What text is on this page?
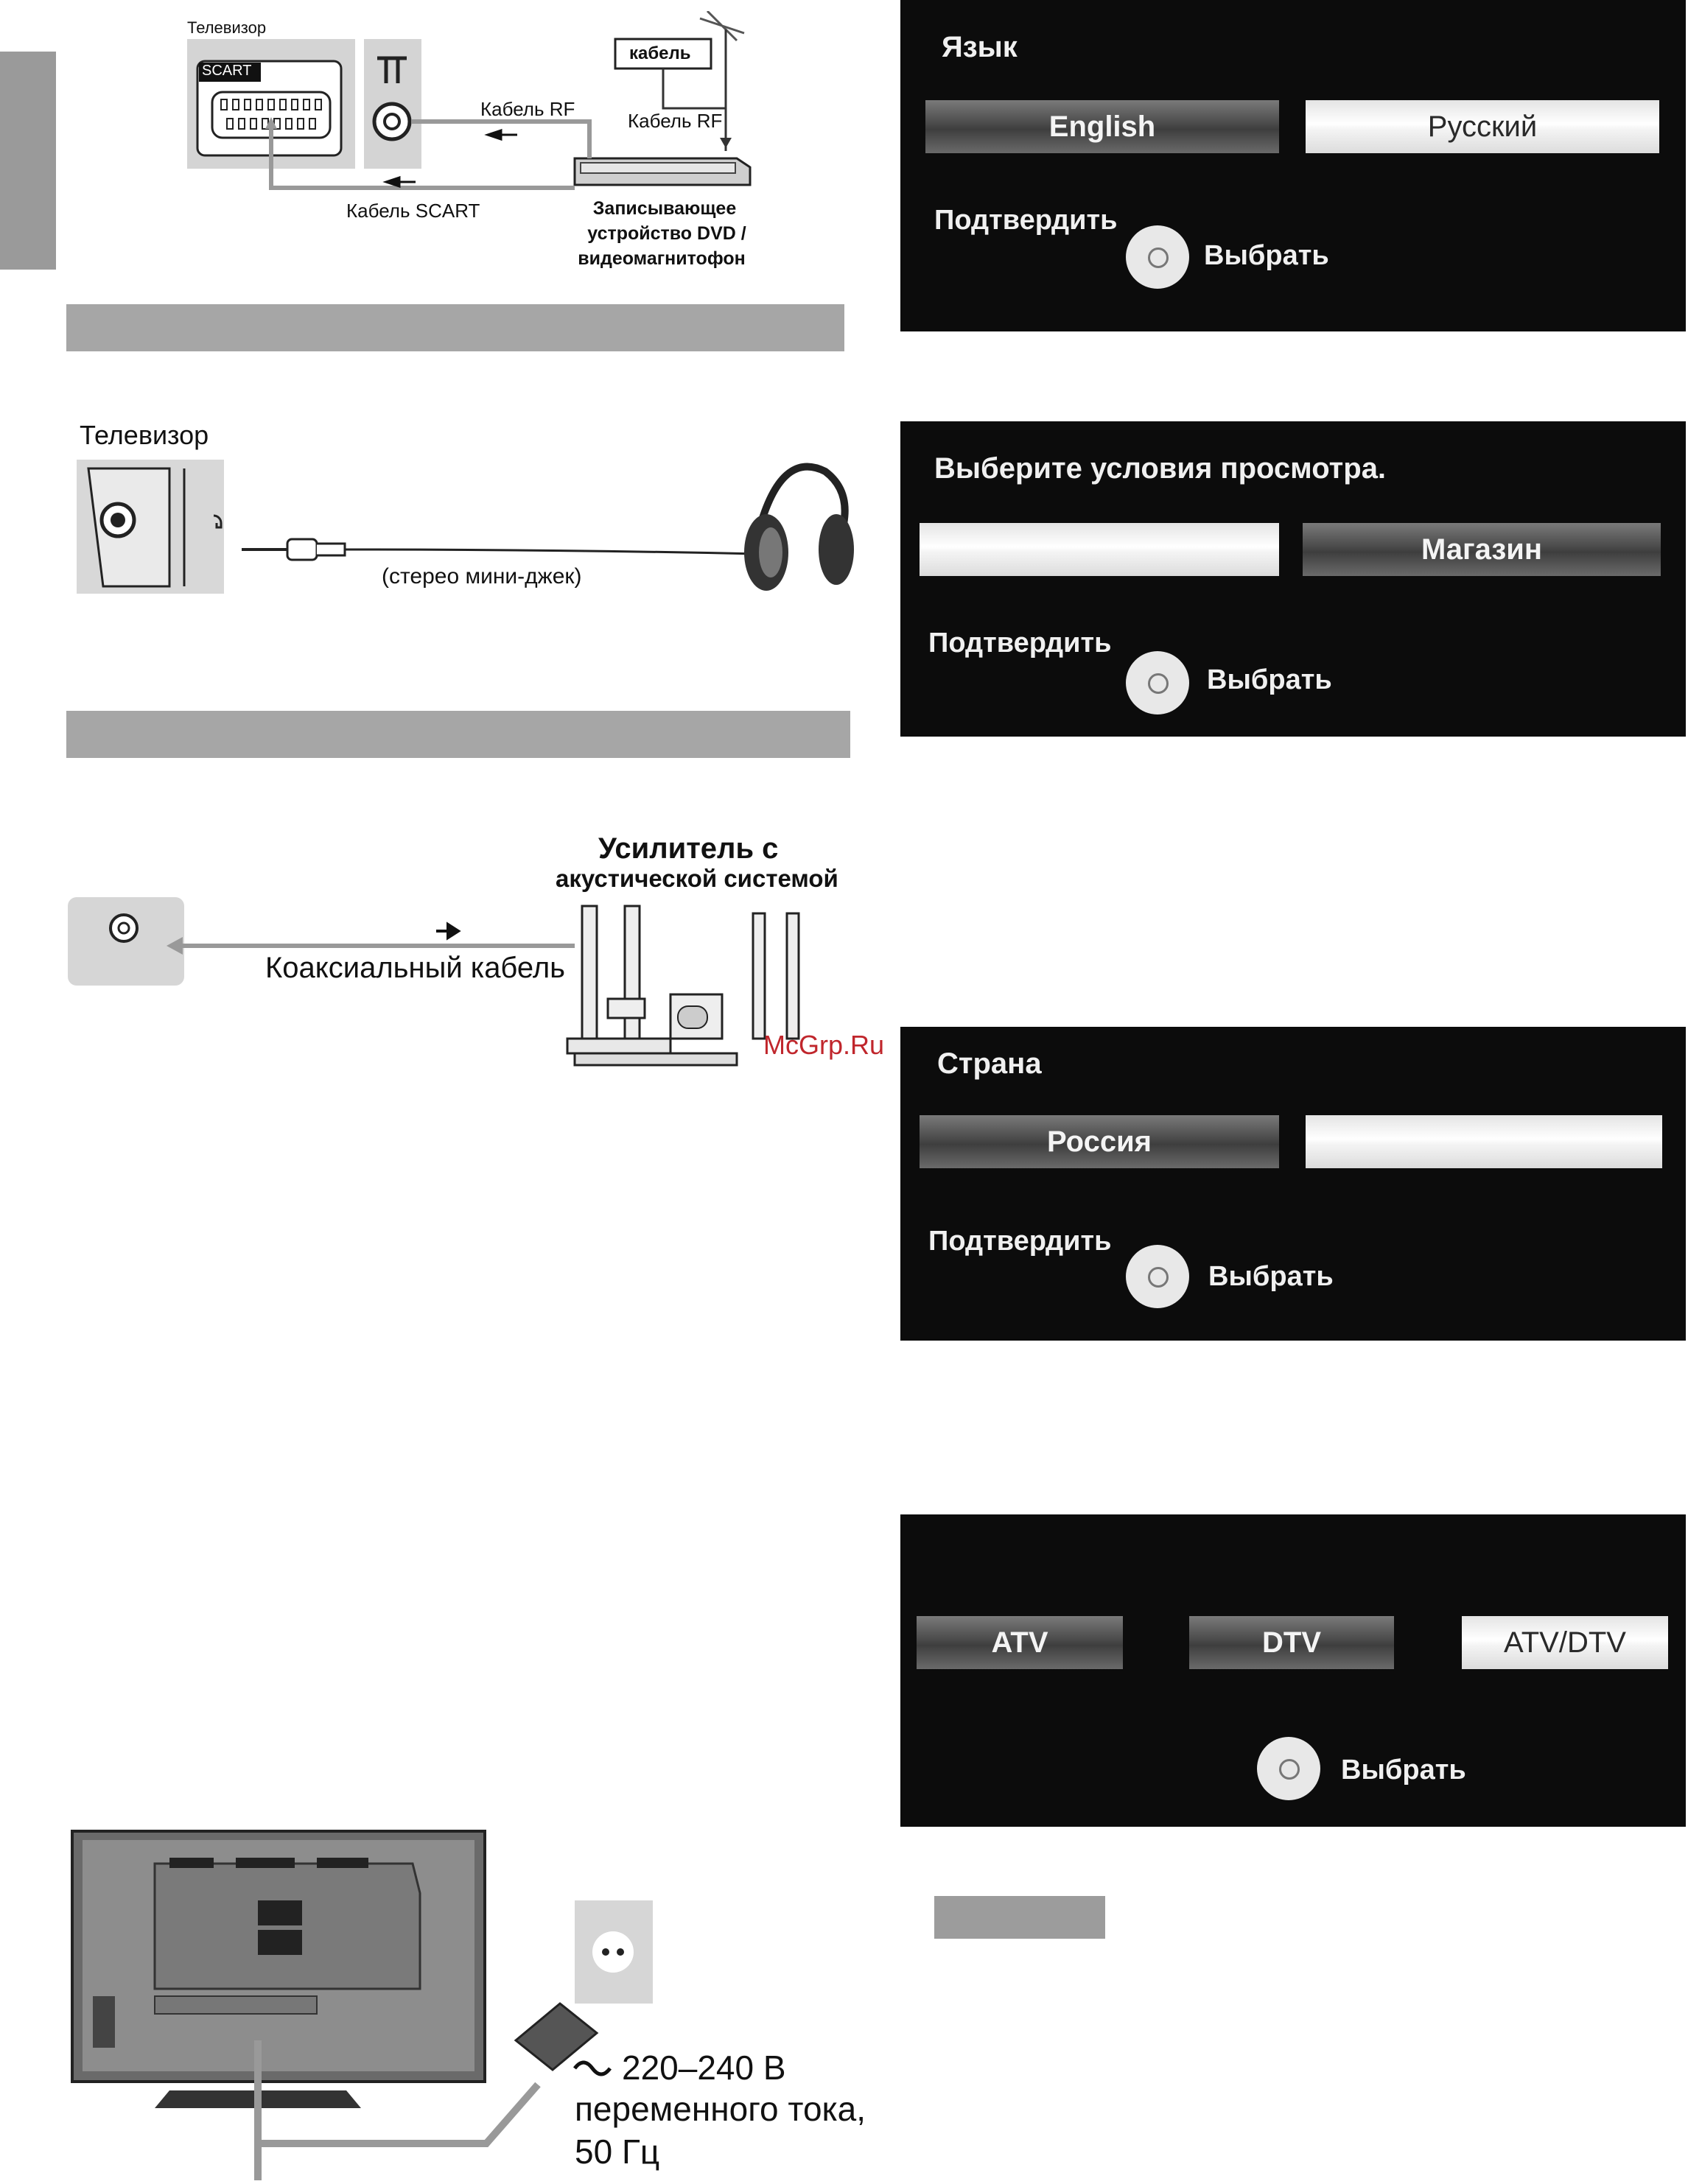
Телевизор
SCART
кабель
Кабель RF
Кабель RF
Кабель SCART	Записывающее
устройство DVD /
видеомагнитофон
Телевизор
(стерео мини-джек)
Усилитель с
акустической системой
Коаксиальный кабель
McGrp.Ru
220–240 В
переменного тока,
50 Гц
Язык
English	Русский
Подтвердить
Выбрать
Выберите условия просмотра.
Магазин
Подтвердить
Выбрать
Страна
Россия
Подтвердить
Выбрать
ATV	DTV	ATV/DTV
Выбрать
